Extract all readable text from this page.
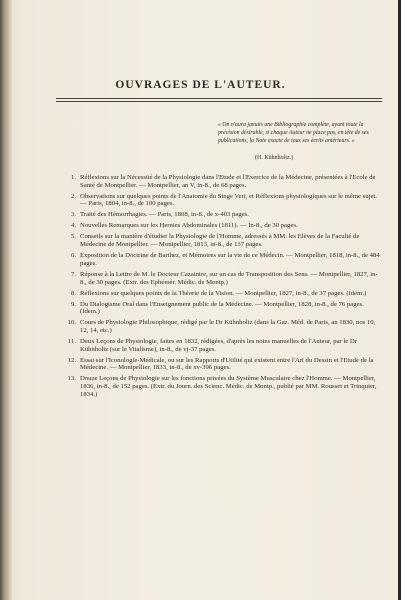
OUVRAGES DE L'AUTEUR.
« On n'aura jamais une Bibliographie complète, ayant toute la précision désirable, si chaque Auteur ne place pas, en tête de ses publications, la Note exacte de tous ses écrits antérieurs. »
(H. Kühnholtz.)
1. Réflexions sur la Nécessité de la Physiologie dans l'Etude et l'Exercice de la Médecine, présentées à l'Ecole de Santé de Montpellier. — Montpellier, an V, in-8., de 68 pages.
2. Observations sur quelques points de l'Anatomie du Singe Vert, et Réflexions physiologiques sur le même sujet. — Paris, 1804, in-8., de 100 pages.
3. Traité des Hémorrhagies. — Paris, 1808, in-8., de x-403 pages.
4. Nouvelles Remarques sur les Hernies Abdominales (1811). — In-8., de 30 pages.
5. Conseils sur la manière d'étudier la Physiologie de l'Homme, adressés à MM. les Elèves de la Faculté de Médecine de Montpellier. — Montpellier, 1813, in-8., de 137 pages.
6. Exposition de la Doctrine de Barthez, et Mémoires sur la vie de ce Médecin. — Montpellier, 1818, in-8., de 484 pages.
7. Réponse à la Lettre de M. le Docteur Cazaintre, sur un cas de Transposition des Sens. — Montpellier, 1827, in-8., de 30 pages. (Extr. des Ephémér. Médic. de Montp.)
8. Réflexions sur quelques points de la Théorie de la Vision. — Montpellier, 1827, in-8., de 37 pages. (Idem.)
9. Du Dialogisme Oral dans l'Enseignement public de la Médecine. — Montpellier, 1828, in-8., de 76 pages. (Idem.)
10. Cours de Physiologie Philosophique, rédigé par le Dr Kühnholtz (dans la Gaz. Méd. de Paris, an 1830, nos 10, 12, 14, etc.)
11. Deux Leçons de Physiologie, faites en 1832, rédigées, d'après les notes manuelles de l'Auteur, par le Dr Kühnholtz (sur le Vitalisme), in-8., de vj-37 pages.
12. Essai sur l'Iconologie-Médicale, ou sur les Rapports d'Utilité qui existent entre l'Art du Dessin et l'Etude de la Médecine. — Montpellier, 1833, in-8., de xv-396 pages.
13. Douze Leçons de Physiologie sur les fonctions privées du Système Musculaire chez l'Homme. — Montpellier, 1836, in-8., de 152 pages. (Extr. du Journ. des Scienc. Médic. de Montp., publié par MM. Rousset et Trinquier, 1834.)
